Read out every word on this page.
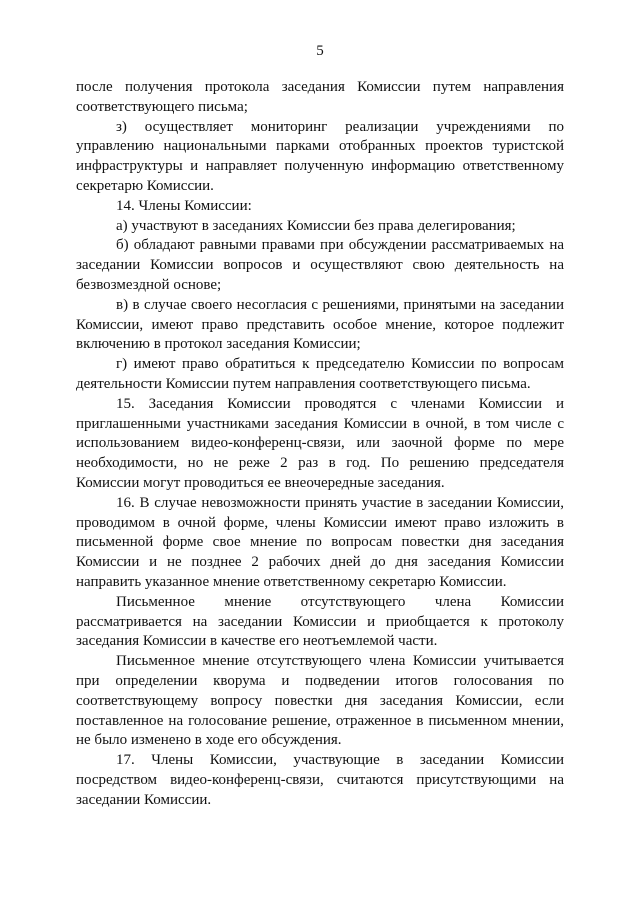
5

после получения протокола заседания Комиссии путем направления соответствующего письма;

з) осуществляет мониторинг реализации учреждениями по управлению национальными парками отобранных проектов туристской инфраструктуры и направляет полученную информацию ответственному секретарю Комиссии.

14. Члены Комиссии:

а) участвуют в заседаниях Комиссии без права делегирования;

б) обладают равными правами при обсуждении рассматриваемых на заседании Комиссии вопросов и осуществляют свою деятельность на безвозмездной основе;

в) в случае своего несогласия с решениями, принятыми на заседании Комиссии, имеют право представить особое мнение, которое подлежит включению в протокол заседания Комиссии;

г) имеют право обратиться к председателю Комиссии по вопросам деятельности Комиссии путем направления соответствующего письма.

15. Заседания Комиссии проводятся с членами Комиссии и приглашенными участниками заседания Комиссии в очной, в том числе с использованием видео-конференц-связи, или заочной форме по мере необходимости, но не реже 2 раз в год. По решению председателя Комиссии могут проводиться ее внеочередные заседания.

16. В случае невозможности принять участие в заседании Комиссии, проводимом в очной форме, члены Комиссии имеют право изложить в письменной форме свое мнение по вопросам повестки дня заседания Комиссии и не позднее 2 рабочих дней до дня заседания Комиссии направить указанное мнение ответственному секретарю Комиссии.

Письменное мнение отсутствующего члена Комиссии рассматривается на заседании Комиссии и приобщается к протоколу заседания Комиссии в качестве его неотъемлемой части.

Письменное мнение отсутствующего члена Комиссии учитывается при определении кворума и подведении итогов голосования по соответствующему вопросу повестки дня заседания Комиссии, если поставленное на голосование решение, отраженное в письменном мнении, не было изменено в ходе его обсуждения.

17. Члены Комиссии, участвующие в заседании Комиссии посредством видео-конференц-связи, считаются присутствующими на заседании Комиссии.
